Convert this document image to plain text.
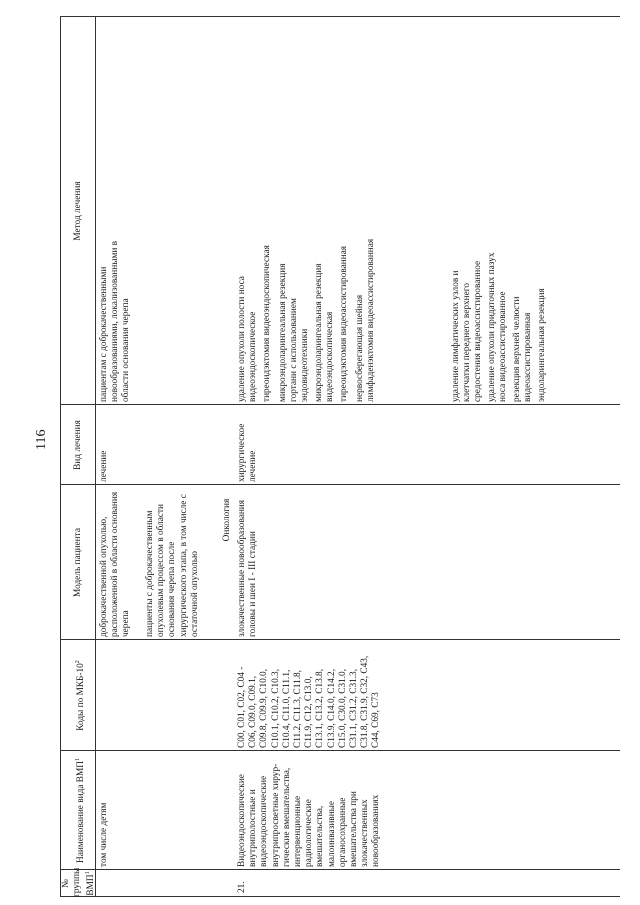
116
№
группы
ВМП$^1$
Наименование вида ВМП$^1$
Коды по МКБ-$10^2$
Модель пациента
Вид лечения
Метод лечения
том числе детям
доброкачественной опухолью,
расположенной в области основания
черепа
лечение
пациентам с доброкачественными
новообразованиями, локализованными в
области основания черепа
пациенты с доброкачественным
опухолевым процессом в области
основания черепа после
хирургического этапа, в том числе с
остаточной опухолью
Онкология
21.
Видеоэндоскопические
внутриполостные и
видеоэндоскопические
внутрипросветные хирур-
гические вмешательства,
интервенционные
радиологические
вмешательства,
малоинвазивные
органосохранные
вмешательства при
злокачественных
новообразованиях
C00, C01, C02, C04 -
C06, C09.0, C09.1,
C09.8, C09.9, C10.0,
C10.1, C10.2, C10.3,
C10.4, C11.0, C11.1,
C11.2, C11.3, C11.8,
C11.9, C12, C13.0,
C13.1, C13.2, C13.8,
C13.9, C14.0, C14.2,
C15.0, C30.0, C31.0,
C31.1, C31.2, C31.3,
C31.8, C31.9, C32, C43,
C44, C69, C73
злокачественные новообразования
головы и шеи I - III стадии
хирургическое
лечение
удаление опухоли полости носа
видеоэндоскопическое тиреоидэктомия видеоэндоскопическая микроэндоларингеальная резекция
гортани с использованием
эндовидеотехники микроэндоларингеальная резекция
видеоэндоскопическая тиреоидэктомия видеоассистированная нервосберегающая шейная
лимфаденэктомия видеоассистированная
удаление лимфатических узлов и
клетчатки переднего верхнего
средостения видеоассистированное
удаление опухоли придаточных пазух
носа видеоассистированное
резекция верхней челюсти
видеоассистированная эндоларингеальная резекция
